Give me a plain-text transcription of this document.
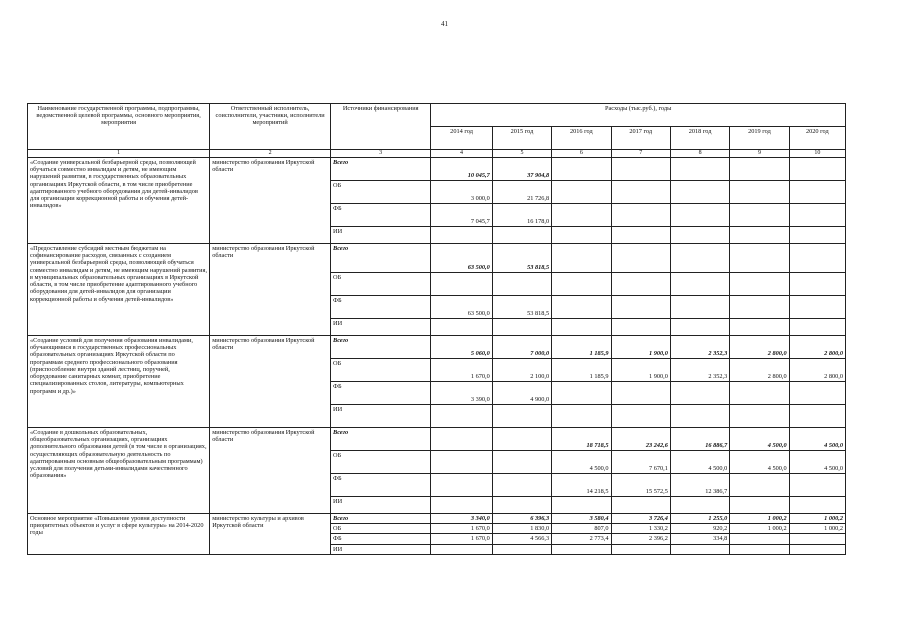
41
Наименование государственной программы, подпрограммы, ведомственной целевой программы, основного мероприятия, мероприятия	Ответственный исполнитель, соисполнители, участники, исполнители мероприятий	Источники финансирования	Расходы (тыс.руб.), годы						
			2014 год	2015 год	2016 год	2017 год	2018 год	2019 год	2020 год
1	2	3	4	5	6	7	8	9	10
«Создание универсальной безбарьерной среды, позволяющей обучаться совместно инвалидам и детям, не имеющим нарушений развития, в государственных образовательных организациях Иркутской области, в том числе приобретение адаптированного учебного оборудования для детей-инвалидов для организации коррекционной работы и обучения детей-инвалидов»	министерство образования Иркутской области	Всего	10 045,7	37 904,8					
		ОБ	3 000,0	21 726,8					
		ФБ	7 045,7	16 178,0					
		ИИ							
«Предоставление субсидий местным бюджетам на софинансирование расходов, связанных с созданием универсальной безбарьерной среды, позволяющей обучаться совместно инвалидам и детям, не имеющим нарушений развития, в муниципальных образовательных организациях в Иркутской области, в том числе приобретение адаптированного учебного оборудования для детей-инвалидов для организации коррекционной работы и обучения детей-инвалидов»	министерство образования Иркутской области	Всего	63 500,0	53 818,5					
		ОБ							
		ФБ	63 500,0	53 818,5					
		ИИ							
«Создание условий для получения образования инвалидами, обучающимися в государственных профессиональных образовательных организациях Иркутской области по программам среднего профессионального образования (приспособление внутри зданий лестниц, поручней, оборудование санитарных комнат, приобретение специализированных столов, литературы, компьютерных программ и др.)»	министерство образования Иркутской области	Всего	5 060,0	7 000,0	1 185,9	1 900,0	2 352,3	2 800,0	2 800,0
		ОБ	1 670,0	2 100,0	1 185,9	1 900,0	2 352,3	2 800,0	2 800,0
		ФБ	3 390,0	4 900,0					
		ИИ							
«Создание в дошкольных образовательных, общеобразовательных организациях, организациях дополнительного образования детей (в том числе в организациях, осуществляющих образовательную деятельность по адаптированным основным общеобразовательным программам) условий для получения детьми-инвалидами качественного образования»	министерство образования Иркутской области	Всего			18 718,5	23 242,6	16 886,7	4 500,0	4 500,0
		ОБ			4 500,0	7 670,1	4 500,0	4 500,0	4 500,0
		ФБ			14 218,5	15 572,5	12 386,7		
		ИИ							
Основное мероприятие «Повышение уровня доступности приоритетных объектов и услуг в сфере культуры» на 2014-2020 годы	министерство культуры и архивов Иркутской области	Всего	3 340,0	6 396,3	3 580,4	3 726,4	1 255,0	1 000,2	1 000,2
		ОБ	1 670,0	1 830,0	807,0	1 330,2	920,2	1 000,2	1 000,2
		ФБ	1 670,0	4 566,3	2 773,4	2 396,2	334,8		
		ИИ							
